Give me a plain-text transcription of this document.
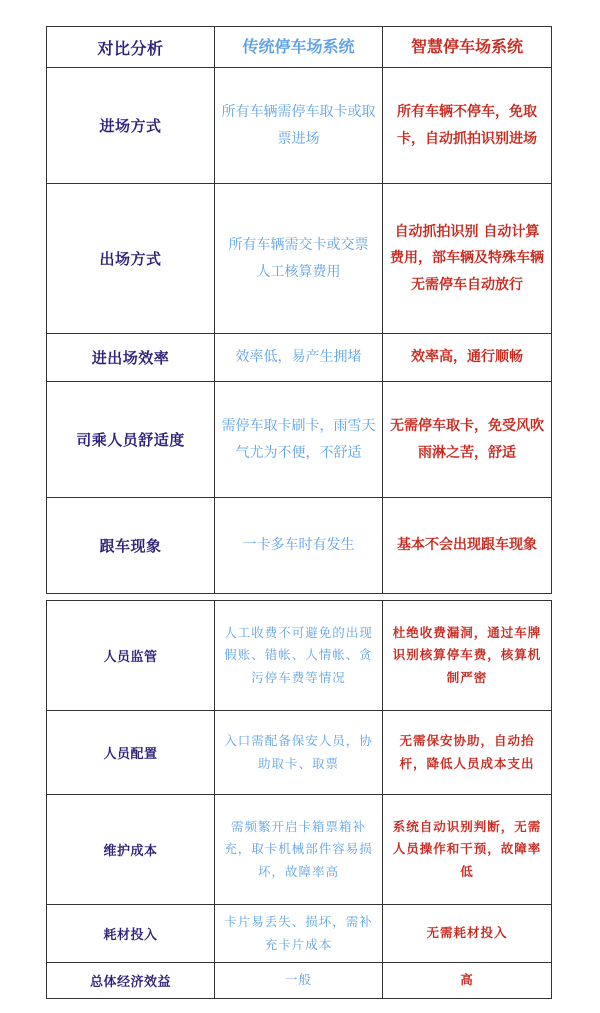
对比分析	传统停车场系统	智慧停车场系统
进场方式	所有车辆需停车取卡或取票进场	所有车辆不停车，免取卡，自动抓拍识别进场
出场方式	所有车辆需交卡或交票 人工核算费用	自动抓拍识别 自动计算费用，部车辆及特殊车辆无需停车自动放行
进出场效率	效率低，易产生拥堵	效率高，通行顺畅
司乘人员舒适度	需停车取卡刷卡，雨雪天气尤为不便，不舒适	无需停车取卡，免受风吹雨淋之苦，舒适
跟车现象	一卡多车时有发生	基本不会出现跟车现象
人员监管	人工收费不可避免的出现假账、错帐、人情帐、贪污停车费等情况	杜绝收费漏洞，通过车牌识别核算停车费，核算机制严密
人员配置	入口需配备保安人员，协助取卡、取票	无需保安协助，自动抬杆，降低人员成本支出
维护成本	需频繁开启卡箱票箱补充，取卡机械部件容易损坏，故障率高	系统自动识别判断，无需人员操作和干预，故障率低
耗材投入	卡片易丢失、损坏，需补充卡片成本	无需耗材投入
总体经济效益	一般	高
